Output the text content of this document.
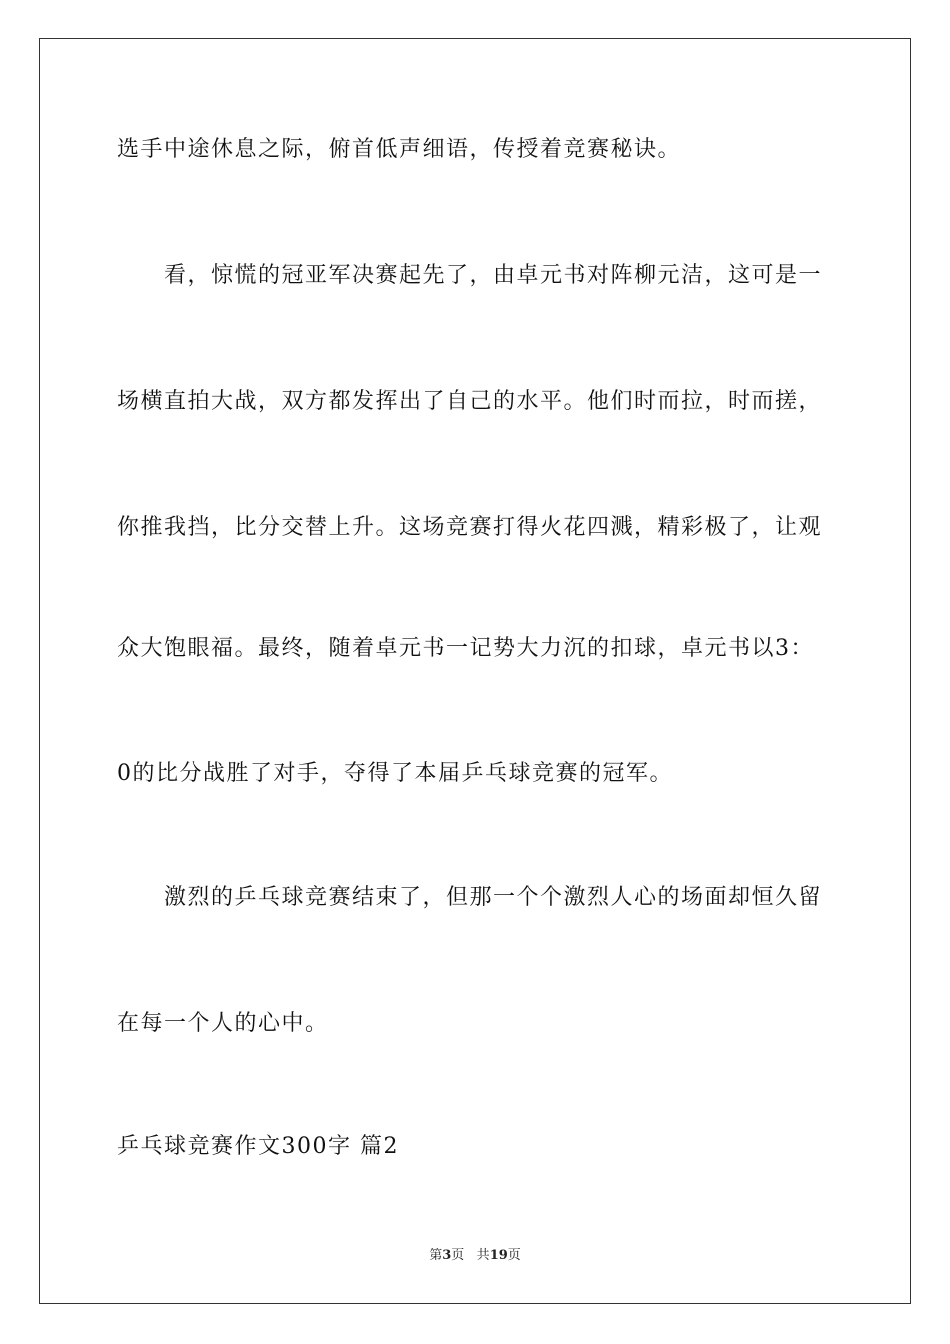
选手中途休息之际，俯首低声细语，传授着竞赛秘诀。
　　看，惊慌的冠亚军决赛起先了，由卓元书对阵柳元洁，这可是一
场横直拍大战，双方都发挥出了自己的水平。他们时而拉，时而搓，
你推我挡，比分交替上升。这场竞赛打得火花四溅，精彩极了，让观
众大饱眼福。最终，随着卓元书一记势大力沉的扣球，卓元书以3：
0的比分战胜了对手，夺得了本届乒乓球竞赛的冠军。
　　激烈的乒乓球竞赛结束了，但那一个个激烈人心的场面却恒久留
在每一个人的心中。
乒乓球竞赛作文300字 篇2
第3页 共19页
